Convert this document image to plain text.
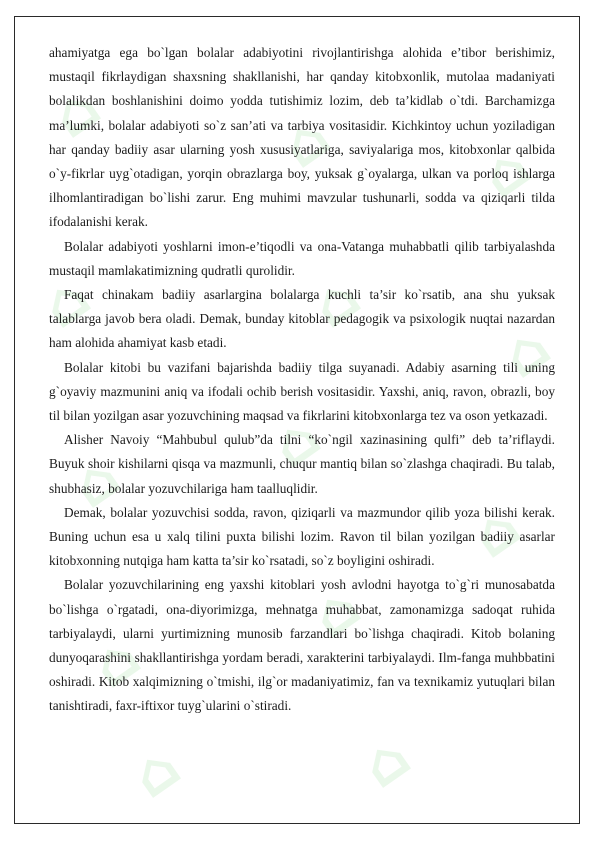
⌂	⌂ ⌂
⌂	⌂
⌂
⌂
⌂
⌂
⌂
⌂
⌂
⌂

ahamiyatga ega bo`lgan bolalar adabiyotini rivojlantirishga alohida e’tibor berishimiz, mustaqil fikrlaydigan shaxsning shakllanishi, har qanday kitobxonlik, mutolaa madaniyati bolalikdan boshlanishini doimo yodda tutishimiz lozim, deb ta’kidlab o`tdi. Barchamizga ma’lumki, bolalar adabiyoti so`z san’ati va tarbiya vositasidir. Kichkintoy uchun yoziladigan har qanday badiiy asar ularning yosh xususiyatlariga, saviyalariga mos, kitobxonlar qalbida o`y-fikrlar uyg`otadigan, yorqin obrazlarga boy, yuksak g`oyalarga, ulkan va porloq ishlarga ilhomlantiradigan bo`lishi zarur. Eng muhimi mavzular tushunarli, sodda va qiziqarli tilda ifodalanishi kerak.

Bolalar adabiyoti yoshlarni imon-e’tiqodli va ona-Vatanga muhabbatli qilib tarbiyalashda mustaqil mamlakatimizning qudratli qurolidir.

Faqat chinakam badiiy asarlargina bolalarga kuchli ta’sir ko`rsatib, ana shu yuksak talablarga javob bera oladi. Demak, bunday kitoblar pedagogik va psixologik nuqtai nazardan ham alohida ahamiyat kasb etadi.

Bolalar kitobi bu vazifani bajarishda badiiy tilga suyanadi. Adabiy asarning tili uning g`oyaviy mazmunini aniq va ifodali ochib berish vositasidir. Yaxshi, aniq, ravon, obrazli, boy til bilan yozilgan asar yozuvchining maqsad va fikrlarini kitobxonlarga tez va oson yetkazadi.

Alisher Navoiy “Mahbubul qulub”da tilni “ko`ngil xazinasining qulfi” deb ta’riflaydi. Buyuk shoir kishilarni qisqa va mazmunli, chuqur mantiq bilan so`zlashga chaqiradi. Bu talab, shubhasiz, bolalar yozuvchilariga ham taalluqlidir.

Demak, bolalar yozuvchisi sodda, ravon, qiziqarli va mazmundor qilib yoza bilishi kerak. Buning uchun esa u xalq tilini puxta bilishi lozim. Ravon til bilan yozilgan badiiy asarlar kitobxonning nutqiga ham katta ta’sir ko`rsatadi, so`z boyligini oshiradi.

Bolalar yozuvchilarining eng yaxshi kitoblari yosh avlodni hayotga to`g`ri munosabatda bo`lishga o`rgatadi, ona-diyorimizga, mehnatga muhabbat, zamonamizga sadoqat ruhida tarbiyalaydi, ularni yurtimizning munosib farzandlari bo`lishga chaqiradi. Kitob bolaning dunyoqarashini shakllantirishga yordam beradi, xarakterini tarbiyalaydi. Ilm-fanga muhbbatini oshiradi. Kitob xalqimizning o`tmishi, ilg`or madaniyatimiz, fan va texnikamiz yutuqlari bilan tanishtiradi, faxr-iftixor tuyg`ularini o`stiradi.
